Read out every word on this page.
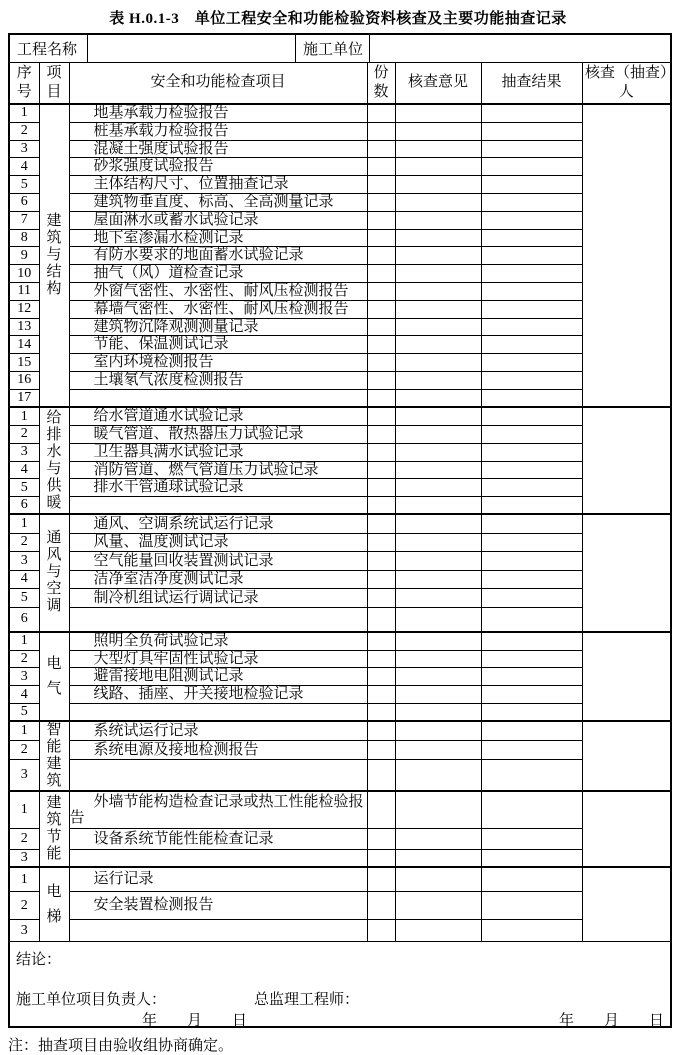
表 H.0.1-3　单位工程安全和功能检验资料核查及主要功能抽查记录
工程名称	施工单位
序号	项目	安全和功能检查项目	份数	核查意见	抽查结果	核查（抽查）人
1	建筑与结构	地基承载力检验报告				
2		桩基承载力检验报告				
3		混凝土强度试验报告				
4		砂浆强度试验报告				
5		主体结构尺寸、位置抽查记录				
6		建筑物垂直度、标高、全高测量记录				
7		屋面淋水或蓄水试验记录				
8		地下室渗漏水检测记录				
9		有防水要求的地面蓄水试验记录				
10		抽气（风）道检查记录				
11		外窗气密性、水密性、耐风压检测报告				
12		幕墙气密性、水密性、耐风压检测报告				
13		建筑物沉降观测测量记录				
14		节能、保温测试记录				
15		室内环境检测报告				
16		土壤氡气浓度检测报告				
17						
1	给排水与供暖	给水管道通水试验记录				
2		暖气管道、散热器压力试验记录				
3		卫生器具满水试验记录				
4		消防管道、燃气管道压力试验记录				
5		排水干管通球试验记录				
6						
1	通风与空调	通风、空调系统试运行记录				
2		风量、温度测试记录				
3		空气能量回收装置测试记录				
4		洁净室洁净度测试记录				
5		制冷机组试运行调试记录				
6						
1	电气	照明全负荷试验记录				
2		大型灯具牢固性试验记录				
3		避雷接地电阻测试记录				
4		线路、插座、开关接地检验记录				
5						
1	智能建筑	系统试运行记录				
2		系统电源及接地检测报告				
3						
1	建筑节能	外墙节能构造检查记录或热工性能检验报告				
2		设备系统节能性能检查记录				
3						
1	电梯	运行记录				
2		安全装置检测报告				
3						
结论：
施工单位项目负责人：	总监理工程师：
年　　月　　日	年　　月　　日
注：抽查项目由验收组协商确定。
